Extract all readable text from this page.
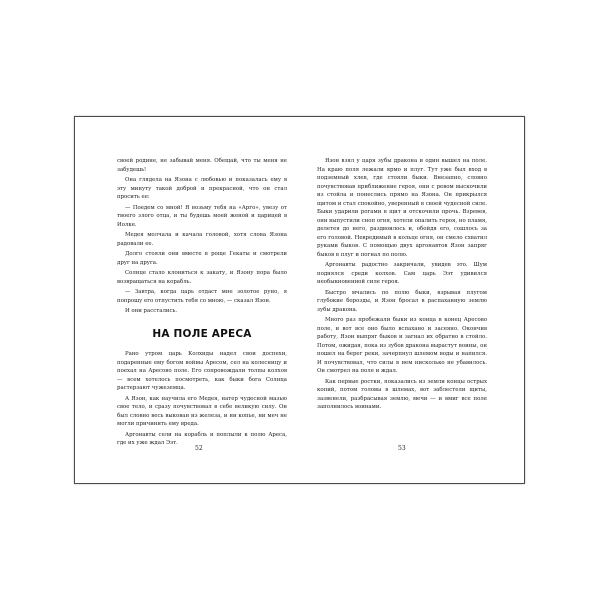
своей родине, не забывай меня. Обещай, что ты меня не забудешь!

Она глядела на Язона с любовью и показалась ему в эту минуту такой доброй и прекрасной, что он стал просить ее:

— Поедем со мной! Я возьму тебя на «Арго», увезу от твоего злого отца, и ты будешь моей женой и царицей в Иолке.

Медея молчала и качала головой, хотя слова Язона радовали ее.

Долго стояли они вместе в роще Гекаты и смотрели друг на друга.

Солнце стало клониться к закату, и Язону пора было возвращаться на корабль.

— Завтра, когда царь отдаст мне золотое руно, я попрошу его отпустить тебя со мною, — сказал Язон.

И они расстались.

НА ПОЛЕ АРЕСА

Рано утром царь Колхиды надел свои доспехи, подаренные ему богом войны Аресом, сел на колесницу и поехал на Аресово поле. Его сопровождали толпы колхов — всем хотелось посмотреть, как быки бога Солнца растерзают чужеземца.

А Язон, как научила его Медея, натер чудесной мазью свое тело, и сразу почувствовал в себе великую силу. Он был словно весь выкован из железа, и ни копье, ни меч не могли причинить ему вреда.

Аргонавты сели на корабль и поплыли к полю Ареса, где их уже ждал Ээт.

Язон взял у царя зубы дракона и один вышел на поле. На краю поля лежали ярмо и плуг. Тут уже был вход в подземный хлев, где стояли быки. Внезапно, словно почувствовав приближение героя, они с ревом выскочили из стойла и понеслись прямо на Язона. Он прикрылся щитом и стал спокойно, уверенный в своей чудесной силе. Быки ударили рогами в щит и отскочили прочь. Взревев, они выпустили сноп огня, хотели опалить героя, но пламя, делетея до него, раздвоилось и, обойдя его, сошлось за его головой. Невредимый в кольце огня, он смело схватил руками быков. С помощью двух аргонавтов Язон запряг быков в плуг и погнал по полю.

Аргонавты радостно закричали, увидев это. Шум поднялся среди колхов. Сам царь Ээт удивился необыкновенной силе героя.

Быстро мчались по полю быки, взрывая плугом глубокие борозды, и Язон бросал в распаханную землю зубы дракона.

Много раз пробежали быки из конца в конец Аресово поле, и вот все оно было вспахано и засеяно. Окончив работу, Язон выпряг быков и загнал их обратно в стойло. Потом, ожидая, пока из зубов дракона вырастут воины, он пошел на берег реки, зачерпнул шлемом воды и напился. И почувствовал, что силы в нем нисколько не убавилось. Он смотрел на поле и ждал.

Как первые ростки, показались из земли концы острых копий, потом головы в шлемах, вот заблестели щиты, зазвенели, разбрасывая землю, мечи — и вмиг все поле заполнилось воинами.

52	53
